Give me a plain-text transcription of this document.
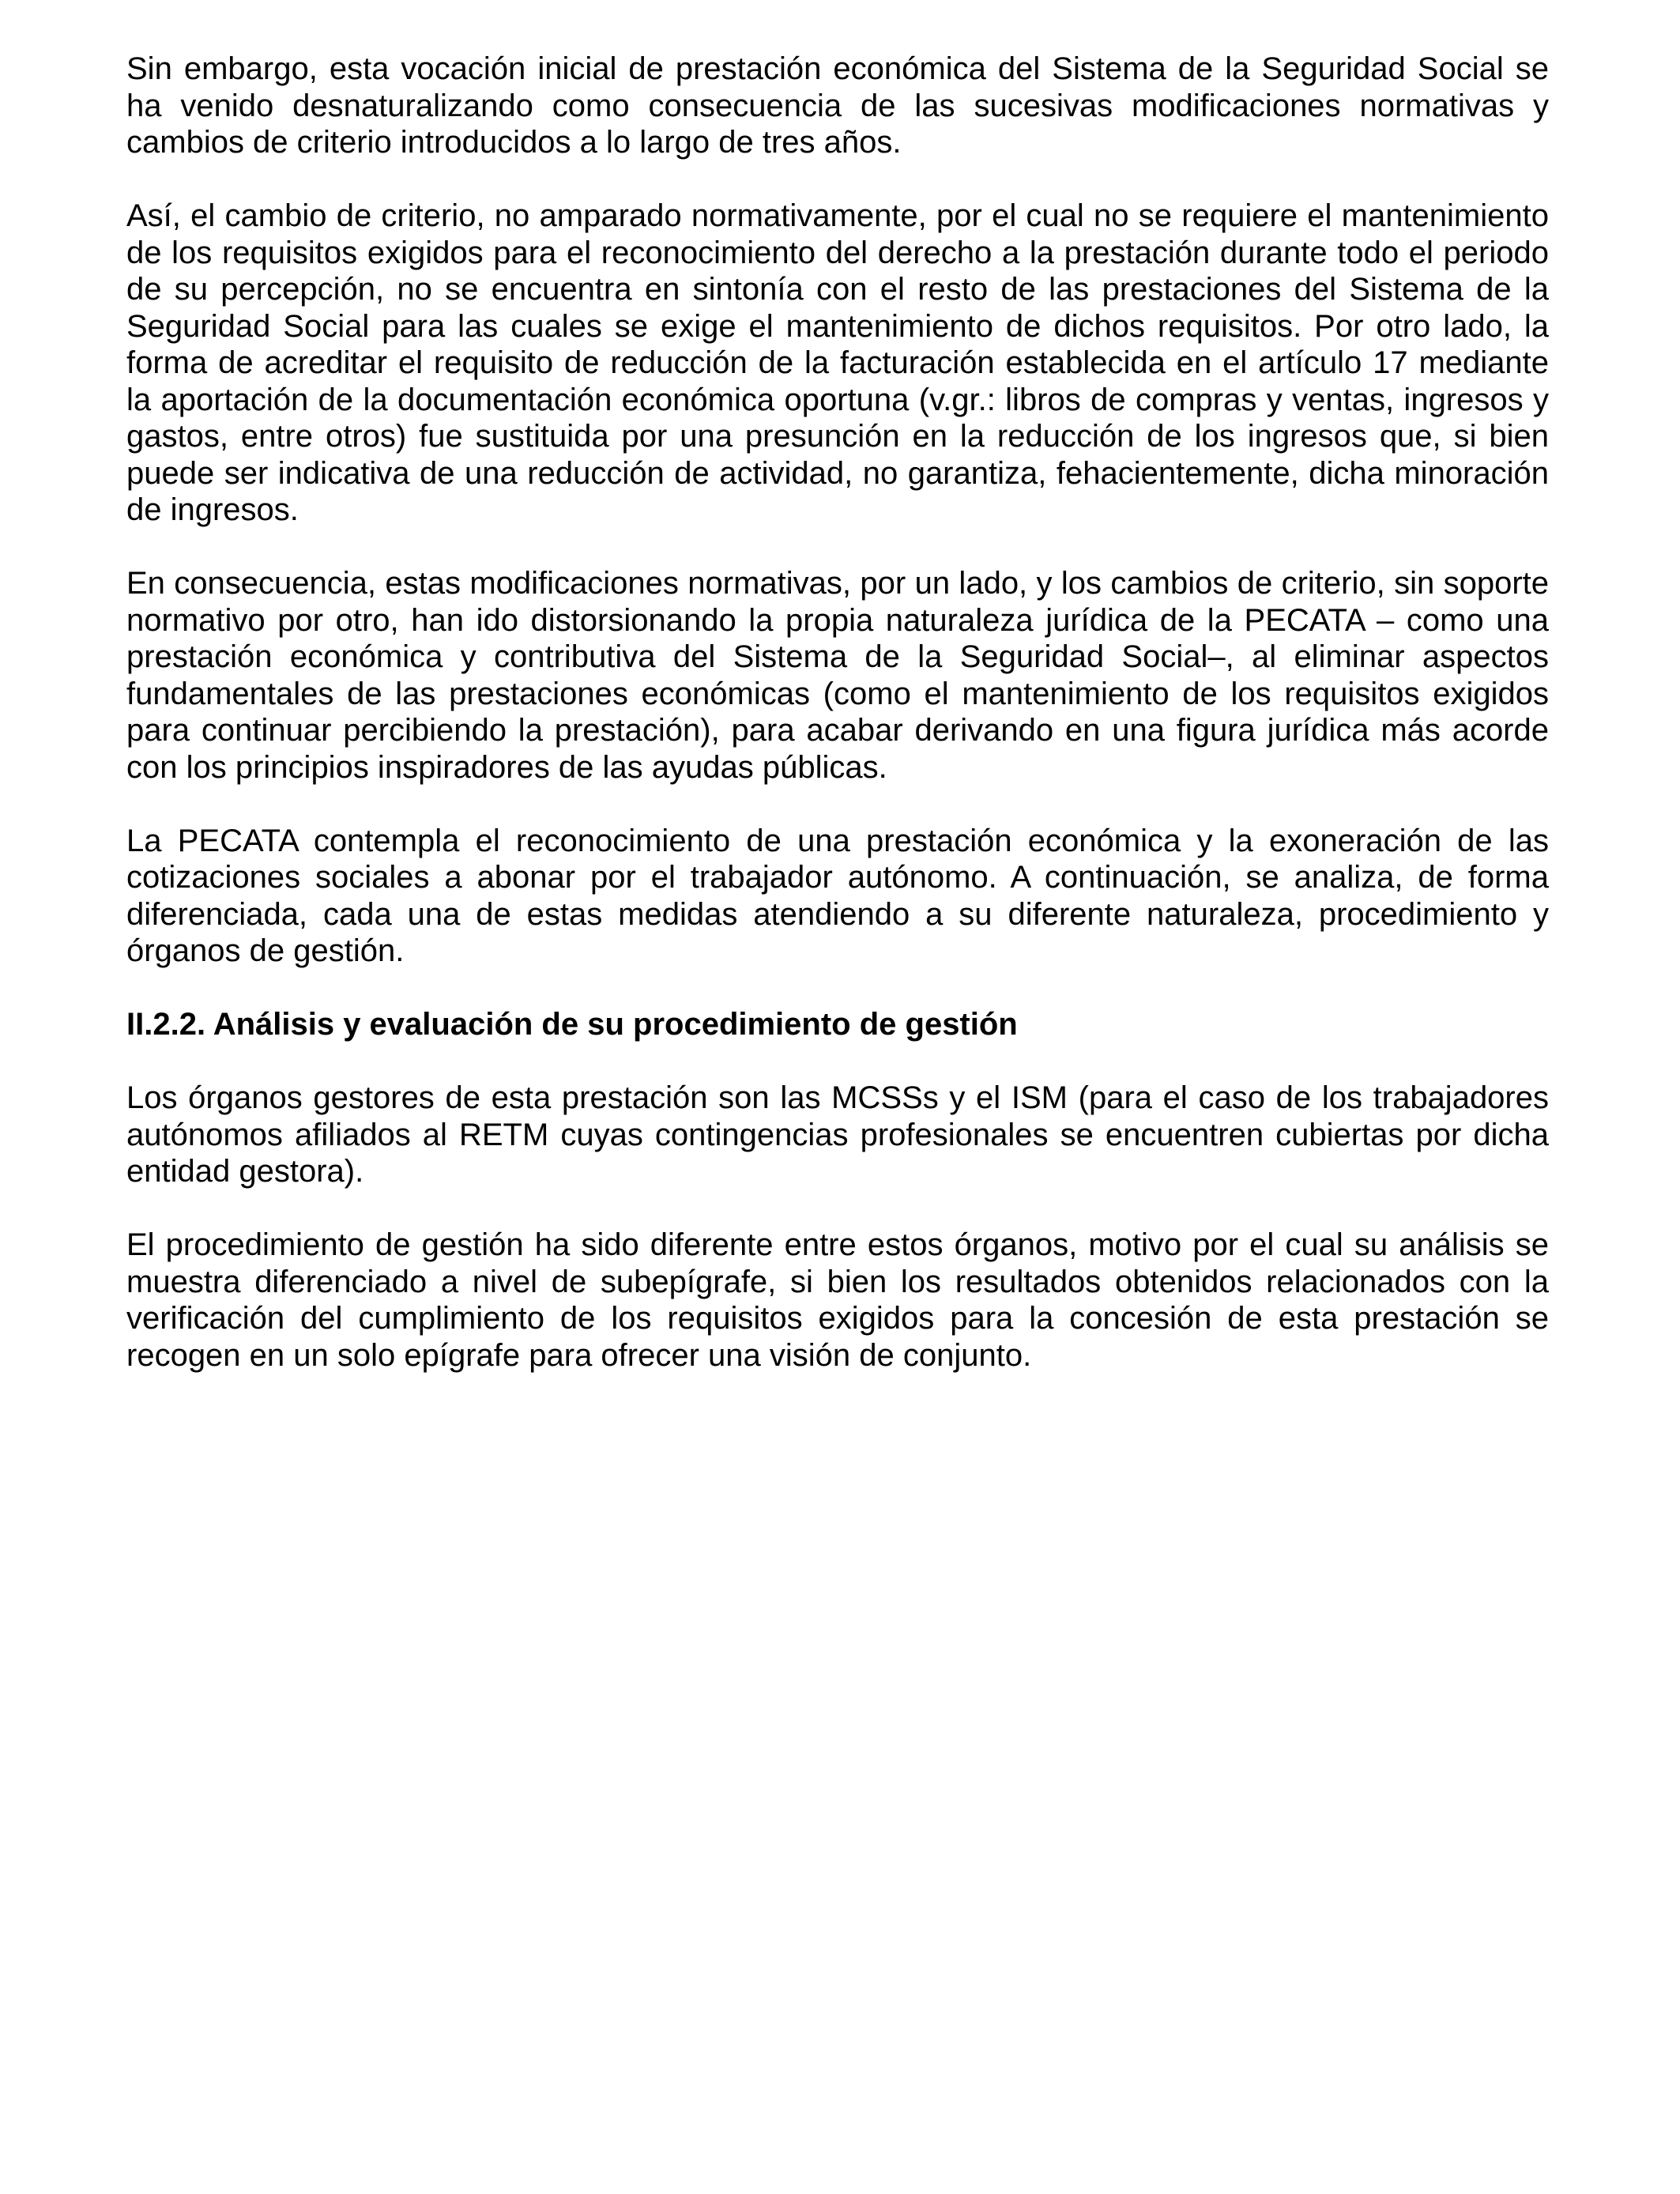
Sin embargo, esta vocación inicial de prestación económica del Sistema de la Seguridad Social se ha venido desnaturalizando como consecuencia de las sucesivas modificaciones normativas y cambios de criterio introducidos a lo largo de tres años.

Así, el cambio de criterio, no amparado normativamente, por el cual no se requiere el mantenimiento de los requisitos exigidos para el reconocimiento del derecho a la prestación durante todo el periodo de su percepción, no se encuentra en sintonía con el resto de las prestaciones del Sistema de la Seguridad Social para las cuales se exige el mantenimiento de dichos requisitos. Por otro lado, la forma de acreditar el requisito de reducción de la facturación establecida en el artículo 17 mediante la aportación de la documentación económica oportuna (v.gr.: libros de compras y ventas, ingresos y gastos, entre otros) fue sustituida por una presunción en la reducción de los ingresos que, si bien puede ser indicativa de una reducción de actividad, no garantiza, fehacientemente, dicha minoración de ingresos.

En consecuencia, estas modificaciones normativas, por un lado, y los cambios de criterio, sin soporte normativo por otro, han ido distorsionando la propia naturaleza jurídica de la PECATA – como una prestación económica y contributiva del Sistema de la Seguridad Social–, al eliminar aspectos fundamentales de las prestaciones económicas (como el mantenimiento de los requisitos exigidos para continuar percibiendo la prestación), para acabar derivando en una figura jurídica más acorde con los principios inspiradores de las ayudas públicas.

La PECATA contempla el reconocimiento de una prestación económica y la exoneración de las cotizaciones sociales a abonar por el trabajador autónomo. A continuación, se analiza, de forma diferenciada, cada una de estas medidas atendiendo a su diferente naturaleza, procedimiento y órganos de gestión.

II.2.2. Análisis y evaluación de su procedimiento de gestión

Los órganos gestores de esta prestación son las MCSSs y el ISM (para el caso de los trabajadores autónomos afiliados al RETM cuyas contingencias profesionales se encuentren cubiertas por dicha entidad gestora).

El procedimiento de gestión ha sido diferente entre estos órganos, motivo por el cual su análisis se muestra diferenciado a nivel de subepígrafe, si bien los resultados obtenidos relacionados con la verificación del cumplimiento de los requisitos exigidos para la concesión de esta prestación se recogen en un solo epígrafe para ofrecer una visión de conjunto.
